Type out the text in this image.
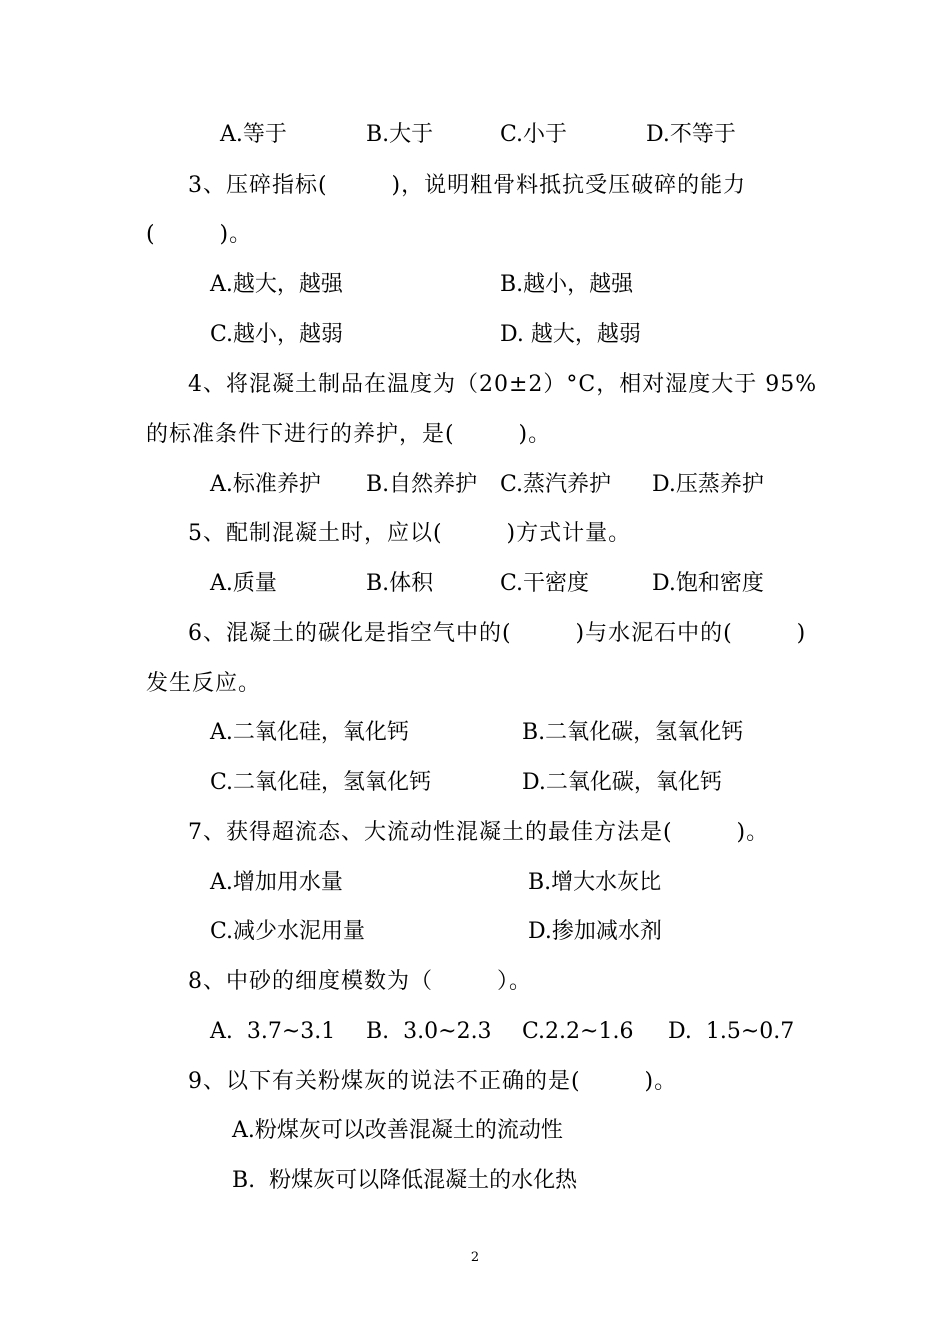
A.等于	B.大于	C.小于	D.不等于
3、压碎指标(        )，说明粗骨料抵抗受压破碎的能力
(        )。
A.越大，越强	B.越小，越强
C.越小，越弱	D. 越大，越弱
4、将混凝土制品在温度为（20±2）°C，相对湿度大于 95%
的标准条件下进行的养护，是(        )。
A.标准养护 B.自然养护 C.蒸汽养护 D.压蒸养护
5、配制混凝土时，应以(        )方式计量。
A.质量	B.体积	C.干密度	D.饱和密度
6、混凝土的碳化是指空气中的(        )与水泥石中的(        )
发生反应。
A.二氧化硅，氧化钙	B.二氧化碳，氢氧化钙
C.二氧化硅，氢氧化钙	D.二氧化碳，氧化钙
7、获得超流态、大流动性混凝土的最佳方法是(        )。
A.增加用水量	B.增大水灰比
C.减少水泥用量	D.掺加减水剂
8、中砂的细度模数为（        ）。
A.  3.7~3.1 B.  3.0~2.3 C.2.2~1.6 D.  1.5~0.7
9、以下有关粉煤灰的说法不正确的是(        )。
A.粉煤灰可以改善混凝土的流动性
B.  粉煤灰可以降低混凝土的水化热
2
